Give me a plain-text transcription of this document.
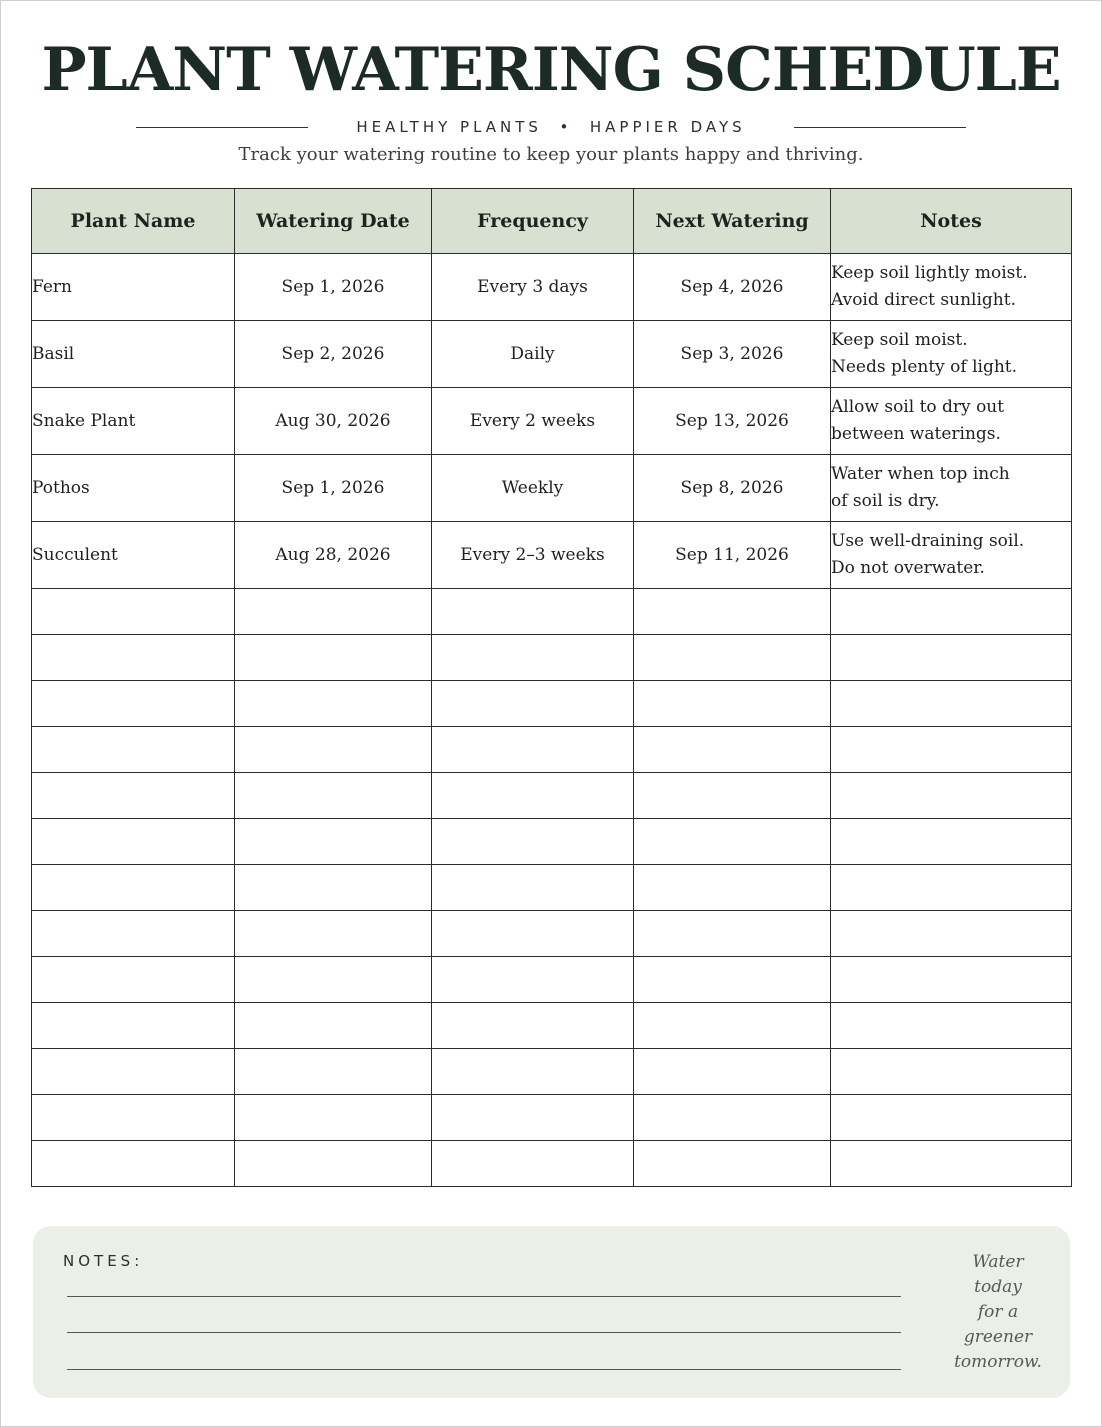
PLANT WATERING SCHEDULE
HEALTHY PLANTS  •  HAPPIER DAYS
Track your watering routine to keep your plants happy and thriving.
Plant Name	Watering Date	Frequency	Next Watering	Notes
Fern	Sep 1, 2026	Every 3 days	Sep 4, 2026	Keep soil lightly moist.
Avoid direct sunlight.

Basil	Sep 2, 2026	Daily	Sep 3, 2026	Keep soil moist.
Needs plenty of light.

Snake Plant	Aug 30, 2026	Every 2 weeks	Sep 13, 2026	Allow soil to dry out
between waterings.

Pothos	Sep 1, 2026	Weekly	Sep 8, 2026	Water when top inch
of soil is dry.

Succulent	Aug 28, 2026	Every 2–3 weeks	Sep 11, 2026	Use well-draining soil.
Do not overwater.

NOTES:	Water
today
for a
greener
tomorrow.
